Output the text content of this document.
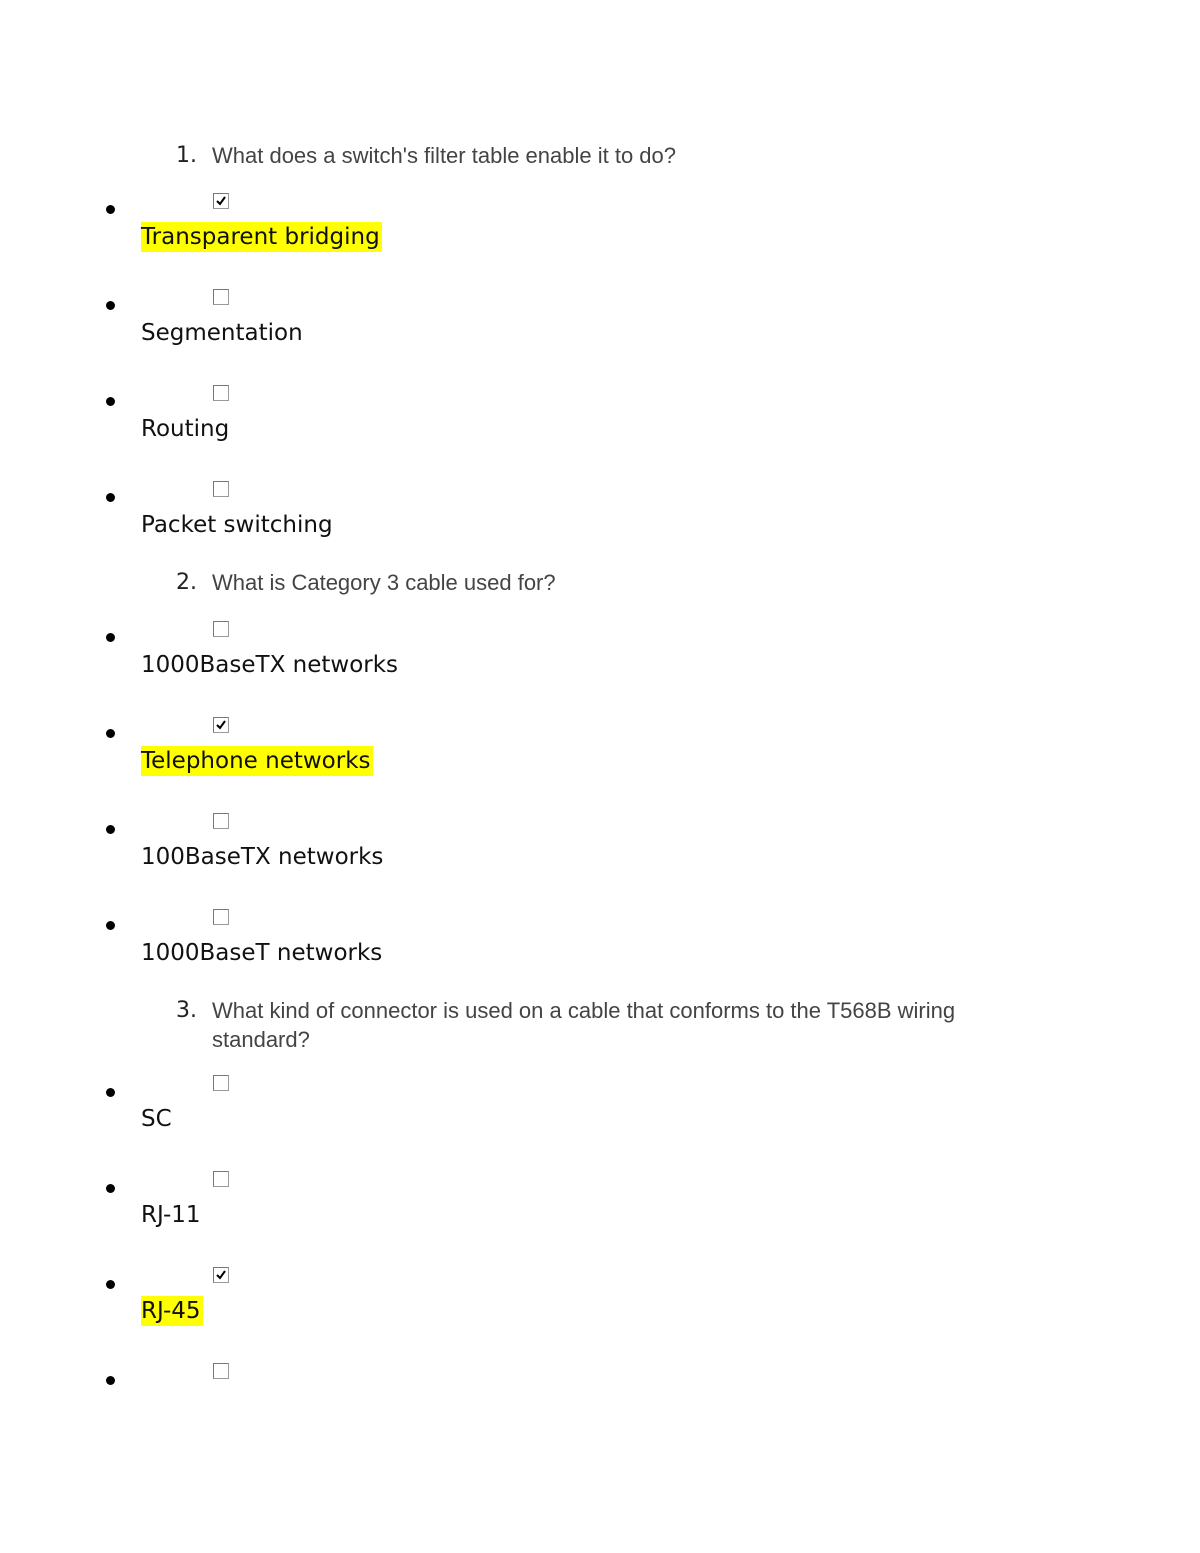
1. What does a switch's filter table enable it to do?
Transparent bridging
Segmentation
Routing
Packet switching
2. What is Category 3 cable used for?
1000BaseTX networks
Telephone networks
100BaseTX networks
1000BaseT networks
3. What kind of connector is used on a cable that conforms to the T568B wiring standard?
SC
RJ-11
RJ-45
